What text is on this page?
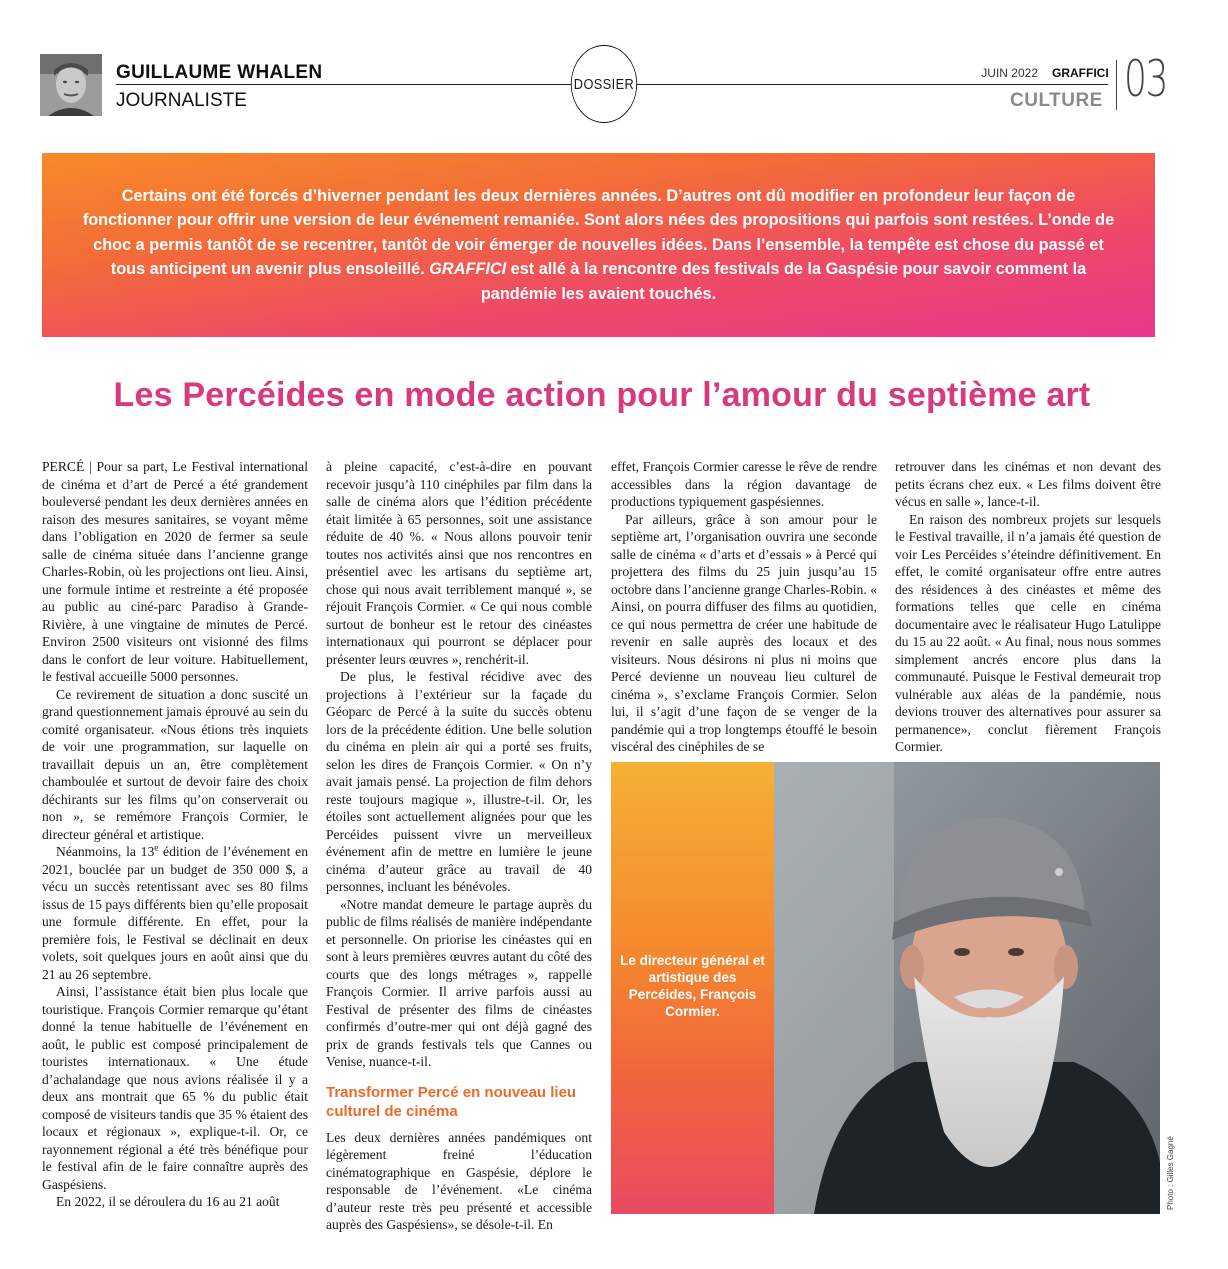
GUILLAUME WHALEN
JOURNALISTE
DOSSIER
JUIN 2022 GRAFFICI
CULTURE 03

Certains ont été forcés d’hiverner pendant les deux dernières années. D’autres ont dû modifier en profondeur leur façon de fonctionner pour offrir une version de leur événement remaniée. Sont alors nées des propositions qui parfois sont restées. L’onde de choc a permis tantôt de se recentrer, tantôt de voir émerger de nouvelles idées. Dans l’ensemble, la tempête est chose du passé et tous anticipent un avenir plus ensoleillé. GRAFFICI est allé à la rencontre des festivals de la Gaspésie pour savoir comment la pandémie les avaient touchés.

Les Percéides en mode action pour l’amour du septième art

PERCÉ | Pour sa part, Le Festival international de cinéma et d’art de Percé a été grandement bouleversé pendant les deux dernières années en raison des mesures sanitaires, se voyant même dans l’obligation en 2020 de fermer sa seule salle de cinéma située dans l’ancienne grange Charles-Robin, où les projections ont lieu. Ainsi, une formule intime et restreinte a été proposée au public au ciné-parc Paradiso à Grande-Rivière, à une vingtaine de minutes de Percé. Environ 2500 visiteurs ont visionné des films dans le confort de leur voiture. Habituellement, le festival accueille 5000 personnes.

Ce revirement de situation a donc suscité un grand questionnement jamais éprouvé au sein du comité organisateur. «Nous étions très inquiets de voir une programmation, sur laquelle on travaillait depuis un an, être complètement chamboulée et surtout de devoir faire des choix déchirants sur les films qu’on conserverait ou non », se remémore François Cormier, le directeur général et artistique.

Néanmoins, la 13e édition de l’événement en 2021, bouclée par un budget de 350 000 $, a vécu un succès retentissant avec ses 80 films issus de 15 pays différents bien qu’elle proposait une formule différente. En effet, pour la première fois, le Festival se déclinait en deux volets, soit quelques jours en août ainsi que du 21 au 26 septembre.

Ainsi, l’assistance était bien plus locale que touristique. François Cormier remarque qu’étant donné la tenue habituelle de l’événement en août, le public est composé principalement de touristes internationaux. « Une étude d’achalandage que nous avions réalisée il y a deux ans montrait que 65 % du public était composé de visiteurs tandis que 35 % étaient des locaux et régionaux », explique-t-il. Or, ce rayonnement régional a été très bénéfique pour le festival afin de le faire connaître auprès des Gaspésiens.

En 2022, il se déroulera du 16 au 21 août

à pleine capacité, c’est-à-dire en pouvant recevoir jusqu’à 110 cinéphiles par film dans la salle de cinéma alors que l’édition précédente était limitée à 65 personnes, soit une assistance réduite de 40 %. « Nous allons pouvoir tenir toutes nos activités ainsi que nos rencontres en présentiel avec les artisans du septième art, chose qui nous avait terriblement manqué », se réjouit François Cormier. « Ce qui nous comble surtout de bonheur est le retour des cinéastes internationaux qui pourront se déplacer pour présenter leurs œuvres », renchérit-il.

De plus, le festival récidive avec des projections à l’extérieur sur la façade du Géoparc de Percé à la suite du succès obtenu lors de la précédente édition. Une belle solution du cinéma en plein air qui a porté ses fruits, selon les dires de François Cormier. « On n’y avait jamais pensé. La projection de film dehors reste toujours magique », illustre-t-il. Or, les étoiles sont actuellement alignées pour que les Percéides puissent vivre un merveilleux événement afin de mettre en lumière le jeune cinéma d’auteur grâce au travail de 40 personnes, incluant les bénévoles.

«Notre mandat demeure le partage auprès du public de films réalisés de manière indépendante et personnelle. On priorise les cinéastes qui en sont à leurs premières œuvres autant du côté des courts que des longs métrages », rappelle François Cormier. Il arrive parfois aussi au Festival de présenter des films de cinéastes confirmés d’outre-mer qui ont déjà gagné des prix de grands festivals tels que Cannes ou Venise, nuance-t-il.

Transformer Percé en nouveau lieu culturel de cinéma

Les deux dernières années pandémiques ont légèrement freiné l’éducation cinématographique en Gaspésie, déplore le responsable de l’événement. «Le cinéma d’auteur reste très peu présenté et accessible auprès des Gaspésiens», se désole-t-il. En

effet, François Cormier caresse le rêve de rendre accessibles dans la région davantage de productions typiquement gaspésiennes.

Par ailleurs, grâce à son amour pour le septième art, l’organisation ouvrira une seconde salle de cinéma « d’arts et d’essais » à Percé qui projettera des films du 25 juin jusqu’au 15 octobre dans l’ancienne grange Charles-Robin. « Ainsi, on pourra diffuser des films au quotidien, ce qui nous permettra de créer une habitude de revenir en salle auprès des locaux et des visiteurs. Nous désirons ni plus ni moins que Percé devienne un nouveau lieu culturel de cinéma », s’exclame François Cormier. Selon lui, il s’agit d’une façon de se venger de la pandémie qui a trop longtemps étouffé le besoin viscéral des cinéphiles de se

retrouver dans les cinémas et non devant des petits écrans chez eux. « Les films doivent être vécus en salle », lance-t-il.

En raison des nombreux projets sur lesquels le Festival travaille, il n’a jamais été question de voir Les Percéides s’éteindre définitivement. En effet, le comité organisateur offre entre autres des résidences à des cinéastes et même des formations telles que celle en cinéma documentaire avec le réalisateur Hugo Latulippe du 15 au 22 août. « Au final, nous nous sommes simplement ancrés encore plus dans la communauté. Puisque le Festival demeurait trop vulnérable aux aléas de la pandémie, nous devions trouver des alternatives pour assurer sa permanence», conclut fièrement François Cormier.

Le directeur général et artistique des Percéides, François Cormier.

Photo : Gilles Gagné
